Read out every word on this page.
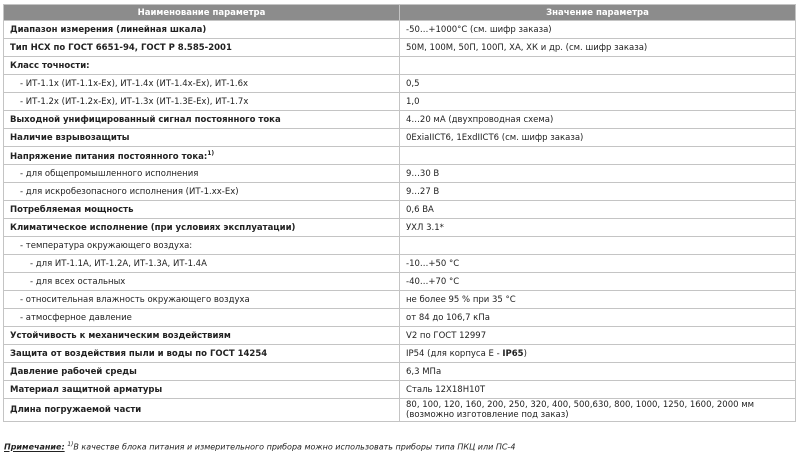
Наименование параметра	Значение параметра
Диапазон измерения (линейная шкала)	-50…+1000°С (см. шифр заказа)
Тип НСХ по ГОСТ 6651-94, ГОСТ Р 8.585-2001	50М, 100М, 50П, 100П, ХА, ХК и др. (см. шифр заказа)
Класс точности:	
- ИТ-1.1х (ИТ-1.1х-Ех), ИТ-1.4х (ИТ-1.4х-Ех), ИТ-1.6х	0,5
- ИТ-1.2х (ИТ-1.2х-Ех), ИТ-1.3х (ИТ-1.3Е-Ех), ИТ-1.7х	1,0
Выходной унифицированный сигнал постоянного тока	4…20 мА (двухпроводная схема)
Наличие взрывозащиты	0ExiaIICT6, 1ExdIICT6 (см. шифр заказа)
Напряжение питания постоянного тока:$^{1)}$	
- для общепромышленного исполнения	9…30 В
- для искробезопасного исполнения (ИТ-1.хх-Ех)	9…27 В
Потребляемая мощность	0,6 ВА
Климатическое исполнение (при условиях эксплуатации)	УХЛ 3.1*
- температура окружающего воздуха:	
- для ИТ-1.1А, ИТ-1.2А, ИТ-1.3А, ИТ-1.4А	-10…+50 °С
- для всех остальных	-40…+70 °С
- относительная влажность окружающего воздуха	не более 95 % при 35 °С
- атмосферное давление	от 84 до 106,7 кПа
Устойчивость к механическим воздействиям	V2 по ГОСТ 12997
Защита от воздействия пыли и воды по ГОСТ 14254	IP54 (для корпуса Е - IP65)
Давление рабочей среды	6,3 МПа
Материал защитной арматуры	Сталь 12Х18Н10Т
Длина погружаемой части	80, 100, 120, 160, 200, 250, 320, 400, 500,630, 800, 1000, 1250, 1600, 2000 мм (возможно изготовление под заказ)
Примечание: $^{1)}$В качестве блока питания и измерительного прибора можно использовать приборы типа ПКЦ или ПС-4
